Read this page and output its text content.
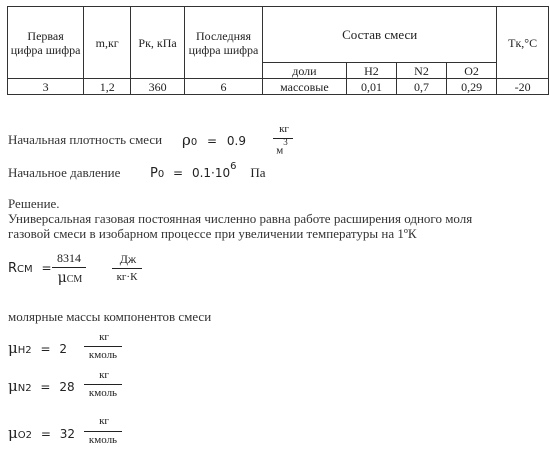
Первая цифра шифра	m,кг	Pк, кПа	Последняя цифра шифра	Состав смеси				Tк,°C
				доли	H2	N2	O2	
3	1,2	360	6	массовые	0,01	0,7	0,29	-20
Начальная плотность смеси ρ0 = 0.9
кг
$м^3$
Начальное давление $P0 = 0.1\cdot 10^6$ Па
Решение.
Универсальная газовая постоянная численно равна работе расширения одного моля
газовой смеси в изобарном процессе при увеличении температуры на 1ºК
RCM =
8314
μCM
Дж
кг·К
молярные массы компонентов смеси
μH2 = 2
кг
кмоль
μN2 = 28
кг
кмоль
μO2 = 32
кг
кмоль
